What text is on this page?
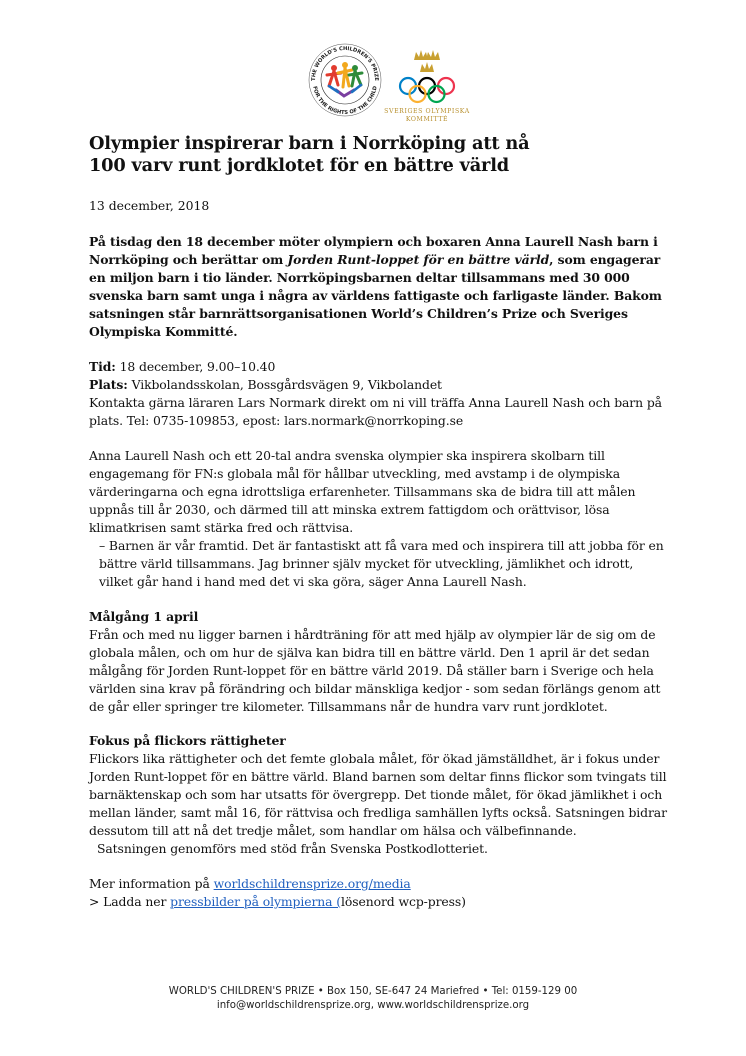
THE WORLD'S CHILDREN'S PRIZE
FOR THE RIGHTS OF THE CHILD
SVERIGES OLYMPISKA
KOMMITTÉ
Olympier inspirerar barn i Norrköping att nå
100 varv runt jordklotet för en bättre värld
13 december, 2018
På tisdag den 18 december möter olympiern och boxaren Anna Laurell Nash barn i Norrköping och berättar om Jorden Runt-loppet för en bättre värld, som engagerar en miljon barn i tio länder. Norrköpingsbarnen deltar tillsammans med 30 000 svenska barn samt unga i några av världens fattigaste och farligaste länder. Bakom satsningen står barnrättsorganisationen World’s Children’s Prize och Sveriges Olympiska Kommitté.
Tid: 18 december, 9.00–10.40
Plats: Vikbolandsskolan, Bossgårdsvägen 9, Vikbolandet
Kontakta gärna läraren Lars Normark direkt om ni vill träffa Anna Laurell Nash och barn på plats. Tel: 0735-109853, epost: lars.normark@norrkoping.se
Anna Laurell Nash och ett 20-tal andra svenska olympier ska inspirera skolbarn till engagemang för FN:s globala mål för hållbar utveckling, med avstamp i de olympiska värderingarna och egna idrottsliga erfarenheter. Tillsammans ska de bidra till att målen uppnås till år 2030, och därmed till att minska extrem fattigdom och orättvisor, lösa klimatkrisen samt stärka fred och rättvisa.
– Barnen är vår framtid. Det är fantastiskt att få vara med och inspirera till att jobba för en bättre värld tillsammans. Jag brinner själv mycket för utveckling, jämlikhet och idrott, vilket går hand i hand med det vi ska göra, säger Anna Laurell Nash.
Målgång 1 april
Från och med nu ligger barnen i hårdträning för att med hjälp av olympier lär de sig om de globala målen, och om hur de själva kan bidra till en bättre värld. Den 1 april är det sedan målgång för Jorden Runt-loppet för en bättre värld 2019. Då ställer barn i Sverige och hela världen sina krav på förändring och bildar mänskliga kedjor - som sedan förlängs genom att de går eller springer tre kilometer. Tillsammans når de hundra varv runt jordklotet.
Fokus på flickors rättigheter
Flickors lika rättigheter och det femte globala målet, för ökad jämställdhet, är i fokus under Jorden Runt-loppet för en bättre värld. Bland barnen som deltar finns flickor som tvingats till barnäktenskap och som har utsatts för övergrepp. Det tionde målet, för ökad jämlikhet i och mellan länder, samt mål 16, för rättvisa och fredliga samhällen lyfts också. Satsningen bidrar dessutom till att nå det tredje målet, som handlar om hälsa och välbefinnande.
Satsningen genomförs med stöd från Svenska Postkodlotteriet.
Mer information på worldschildrensprize.org/media
> Ladda ner pressbilder på olympierna (lösenord wcp-press)
WORLD'S CHILDREN'S PRIZE • Box 150, SE-647 24 Mariefred • Tel: 0159-129 00
info@worldschildrensprize.org, www.worldschildrensprize.org
